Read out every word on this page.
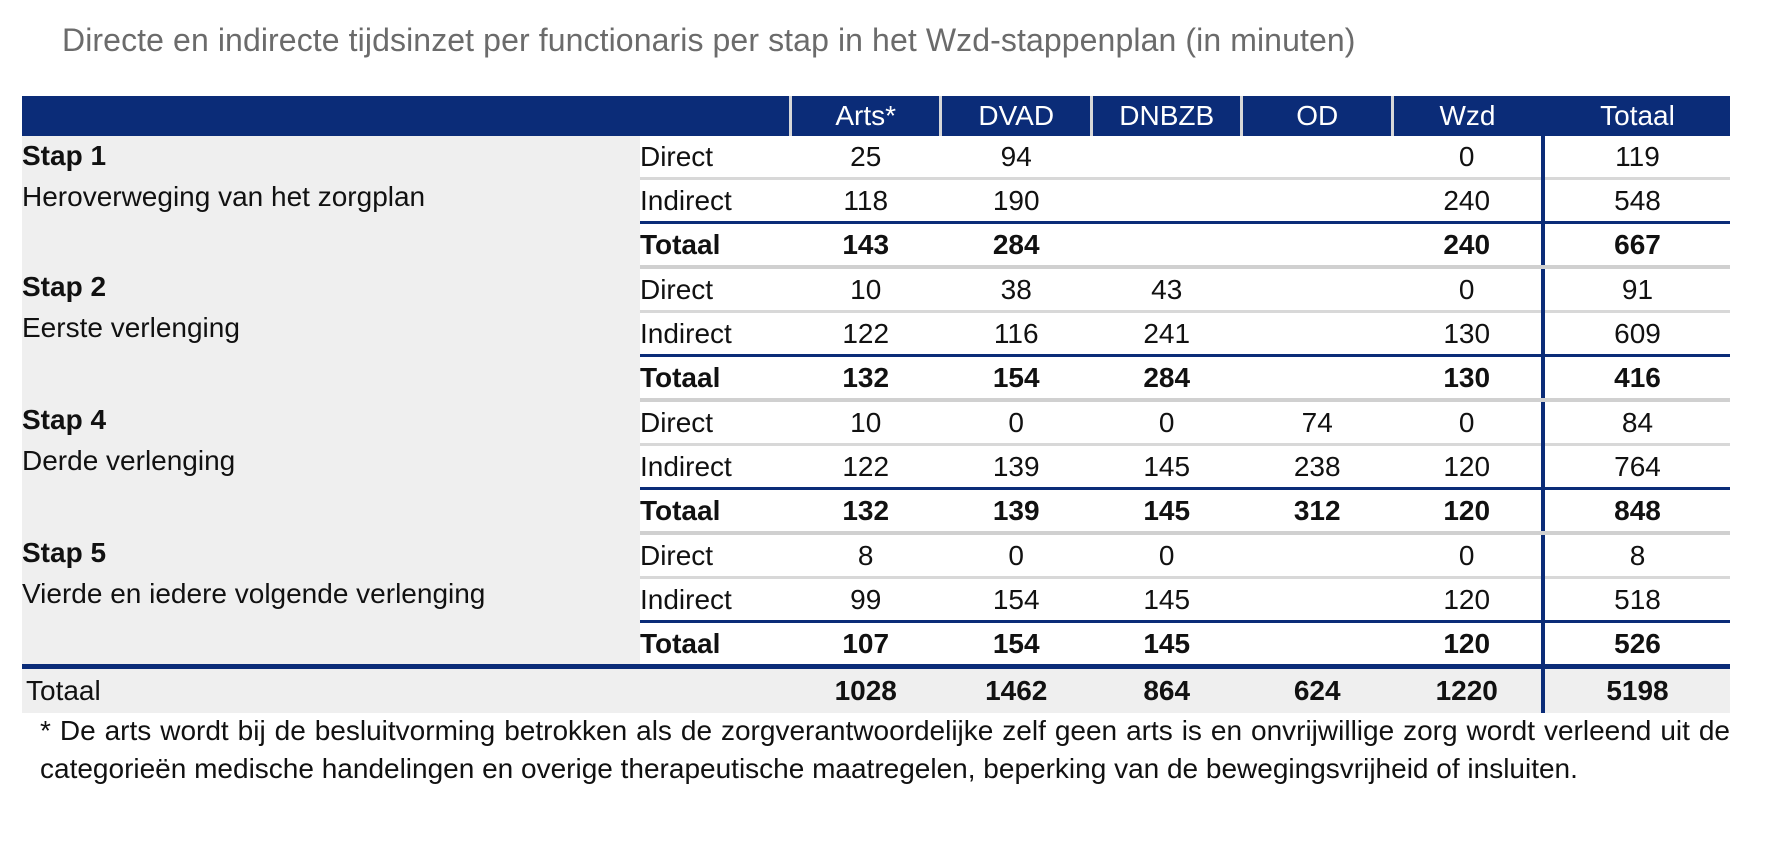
Directe en indirecte tijdsinzet per functionaris per stap in het Wzd-stappenplan (in minuten)
		Arts*	DVAD	DNBZB	OD	Wzd	Totaal

Stap 1
Heroverweging van het zorgplan	Direct	25	94			0	119
	Indirect	118	190			240	548
	Totaal	143	284			240	667

Stap 2
Eerste verlenging	Direct	10	38	43		0	91
	Indirect	122	116	241		130	609
	Totaal	132	154	284		130	416

Stap 4
Derde verlenging	Direct	10	0	0	74	0	84
	Indirect	122	139	145	238	120	764
	Totaal	132	139	145	312	120	848

Stap 5
Vierde en iedere volgende verlenging	Direct	8	0	0		0	8
	Indirect	99	154	145		120	518
	Totaal	107	154	145		120	526
Totaal		1028	1462	864	624	1220	5198
* De arts wordt bij de besluitvorming betrokken als de zorgverantwoordelijke zelf geen arts is en onvrijwillige zorg wordt verleend uit de categorieën medische handelingen en overige therapeutische maatregelen, beperking van de bewegingsvrijheid of insluiten.
